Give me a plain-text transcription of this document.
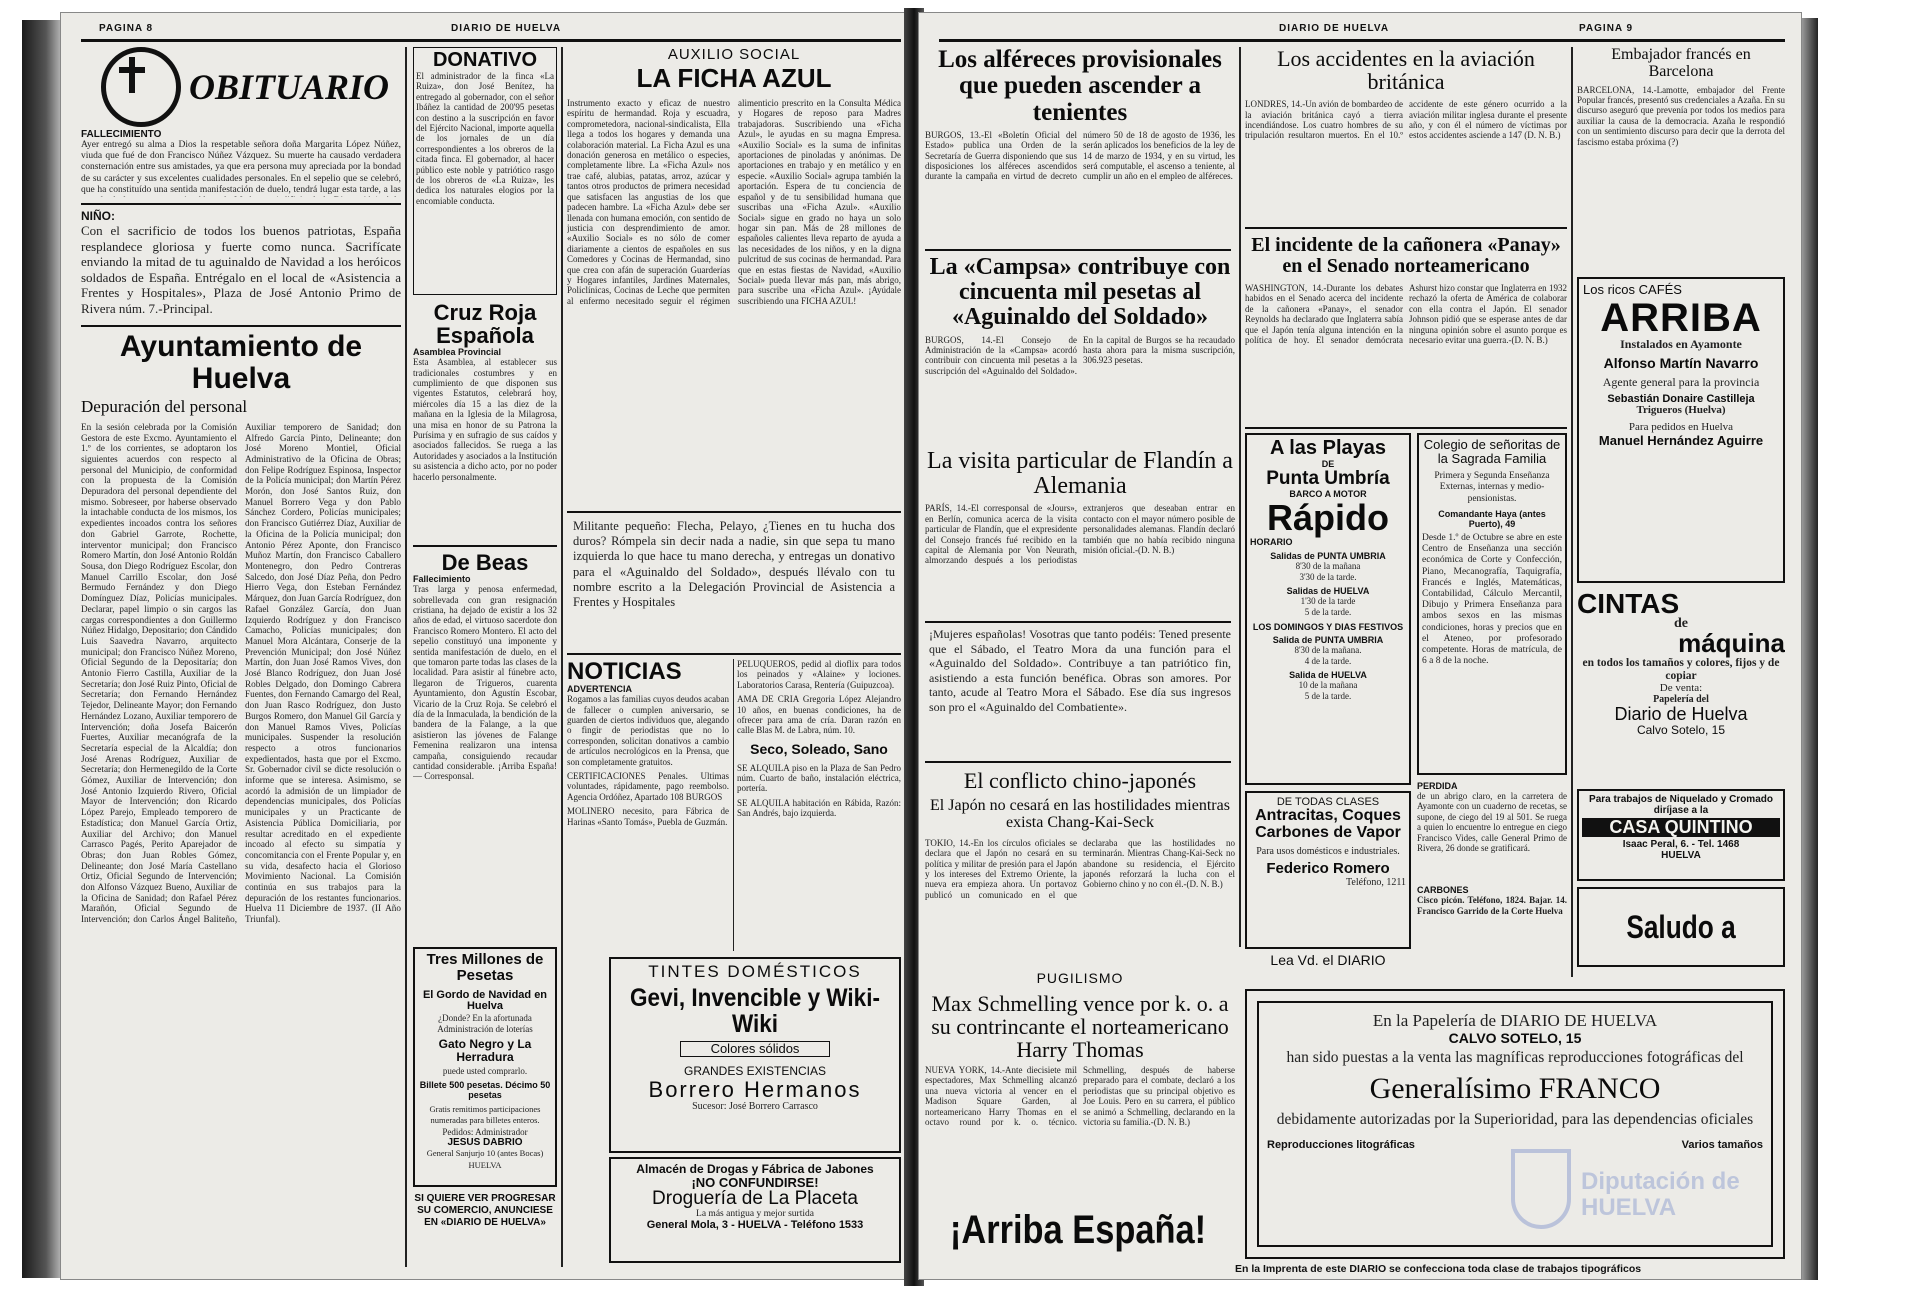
PAGINA 8	DIARIO DE HUELVA
OBITUARIO
FALLECIMIENTO
Ayer entregó su alma a Dios la respetable señora doña Margarita López Núñez, viuda que fué de don Francisco Núñez Vázquez. Su muerte ha causado verdadera consternación entre sus amistades, ya que era persona muy apreciada por la bondad de su carácter y sus excelentes cualidades personales. En el sepelio que se celebró, que ha constituído una sentida manifestación de duelo, tendrá lugar esta tarde, a las
NIÑO:
Con el sacrificio de todos los buenos patriotas, España resplandece gloriosa y fuerte como nunca. Sacrifícate enviando la mitad de tu aguinaldo de Navidad a los heróicos soldados de España. Entrégalo en el local de «Asistencia a Frentes y Hospitales», Plaza de José Antonio Primo de Rivera núm. 7.-Principal.
Ayuntamiento de Huelva
Depuración del personal
En la sesión celebrada por la Comisión Gestora de este Excmo. Ayuntamiento el 1.º de los corrientes, se adoptaron los siguientes acuerdos con respecto al personal del Municipio, de conformidad con la propuesta de la Comisión Depuradora del personal dependiente del mismo. Sobreseer, por haberse observado la intachable conducta de los mismos, los expedientes incoados contra los señores don Gabriel Garrote, Rochette, interventor municipal; don Francisco Romero Martín, don José Antonio Roldán Sousa, don Diego Rodríguez Escolar, don Manuel Carrillo Escolar, don José Bermudo Fernández y don Diego Domínguez Díaz, Policías municipales. Declarar, papel limpio o sin cargos las cargas correspondientes a don Guillermo Núñez Hidalgo, Depositario; don Cándido Luis Saavedra Navarro, arquitecto municipal; don Francisco Núñez Moreno, Oficial Segundo de la Depositaría; don Antonio Fierro Castilla, Auxiliar de la Secretaría; don José Ruiz Pinto, Oficial de Secretaría; don Fernando Hernández Tejedor, Delineante Mayor; don Fernando Hernández Lozano, Auxiliar temporero de Intervención; doña Josefa Baicerón Fuertes, Auxiliar mecanógrafa de la Secretaría especial de la Alcaldía; don José Arenas Rodríguez, Auxiliar de Secretaría; don Hermenegildo de la Corte Gómez, Auxiliar de Intervención; don José Antonio Izquierdo Rivero, Oficial Mayor de Intervención; don Ricardo López Parejo, Empleado temporero de Estadística; don Manuel García Ortiz, Auxiliar del Archivo; don Manuel Carrasco Pagés, Perito Aparejador de Obras; don Juan Robles Gómez, Delineante; don José María Castellano Ortiz, Oficial Segundo de Intervención; don Alfonso Vázquez Bueno, Auxiliar de la Oficina de Sanidad; don Rafael Pérez Marañón, Oficial Segundo de Intervención; don Carlos Ángel Baliteño, Auxiliar temporero de Sanidad; don Alfredo García Pinto, Delineante; don José Moreno Montiel, Oficial Administrativo de la Oficina de Obras; don Felipe Rodríguez Espinosa, Inspector de la Policía municipal; don Martín Pérez Morón, don José Santos Ruiz, don Manuel Borrero Vega y don Pablo Sánchez Cordero, Policías municipales; don Francisco Gutiérrez Díaz, Auxiliar de la Oficina de la Policía municipal; don Antonio Pérez Aponte, don Francisco Muñoz Martín, don Francisco Caballero Montenegro, don Pedro Contreras Salcedo, don José Díaz Peña, don Pedro Hierro Vega, don Esteban Fernández Márquez, don Juan García Rodríguez, don Rafael González García, don Juan Izquierdo Rodríguez y don Francisco Camacho, Policías municipales; don Manuel Mora Alcántara, Conserje de la Prevención Municipal; don José Núñez Martín, don Juan José Ramos Vives, don José Blanco Rodríguez, don Juan José Robles Delgado, don Domingo Cabrera Fuentes, don Fernando Camargo del Real, don Juan Rasco Rodríguez, don Justo Burgos Romero, don Manuel Gil García y don Manuel Ramos Vives, Policías municipales. Suspender la resolución respecto a otros funcionarios expedientados, hasta que por el Excmo. Sr. Gobernador civil se dicte resolución o informe que se interesa. Asimismo, se acordó la admisión de un limpiador de dependencias municipales, dos Policías municipales y un Practicante de Asistencia Pública Domiciliaria, por resultar acreditado en el expediente incoado al efecto su simpatía y concomitancia con el Frente Popular y, en su vida, desafecto hacia el Glorioso Movimiento Nacional. La Comisión continúa en sus trabajos para la depuración de los restantes funcionarios. Huelva 11 Diciembre de 1937. (II Año Triunfal).
DONATIVO
El administrador de la finca «La Ruiza», don José Benítez, ha entregado al gobernador, con el señor Ibáñez la cantidad de 200'95 pesetas con destino a la suscripción en favor del Ejército Nacional, importe aquella de los jornales de un día correspondientes a los obreros de la citada finca. El gobernador, al hacer público este noble y patriótico rasgo de los obreros de «La Ruiza», les dedica los naturales elogios por la encomiable conducta.
Cruz Roja Española
Asamblea Provincial
Esta Asamblea, al establecer sus tradicionales costumbres y en cumplimiento de que disponen sus vigentes Estatutos, celebrará hoy, miércoles día 15 a las diez de la mañana en la Iglesia de la Milagrosa, una misa en honor de su Patrona la Purísima y en sufragio de sus caídos y asociados fallecidos. Se ruega a las Autoridades y asociados a la Institución su asistencia a dicho acto, por no poder hacerlo personalmente.
De Beas
Fallecimiento
Tras larga y penosa enfermedad, sobrellevada con gran resignación cristiana, ha dejado de existir a los 32 años de edad, el virtuoso sacerdote don Francisco Romero Montero. El acto del sepelio constituyó una imponente y sentida manifestación de duelo, en el que tomaron parte todas las clases de la localidad. Para asistir al fúnebre acto, llegaron de Trigueros, cuarenta Ayuntamiento, don Agustín Escobar, Vicario de la Cruz Roja. Se celebró el día de la Inmaculada, la bendición de la bandera de la Falange, a la que asistieron las jóvenes de Falange Femenina realizaron una intensa campaña, consiguiendo recaudar cantidad considerable. ¡Arriba España! — Corresponsal.
Tres Millones de Pesetas
El Gordo de Navidad en Huelva
¿Donde? En la afortunada Administración de loterías
Gato Negro y La Herradura
puede usted comprarlo.
Billete 500 pesetas. Décimo 50 pesetas
Gratis remitimos participaciones numeradas para billetes enteros.
Pedidos: Administrador
JESUS DABRIO
General Sanjurjo 10 (antes Bocas) HUELVA
SI QUIERE VER PROGRESAR SU COMERCIO, ANUNCIESE EN «DIARIO DE HUELVA»
AUXILIO SOCIAL
LA FICHA AZUL
Instrumento exacto y eficaz de nuestro espíritu de hermandad. Roja y escuadra, comprometedora, nacional-sindicalista, Ella llega a todos los hogares y demanda una colaboración material. La Ficha Azul es una donación generosa en metálico o especies, completamente libre. La «Ficha Azul» nos trae café, alubias, patatas, arroz, azúcar y tantos otros productos de primera necesidad que satisfacen las angustias de los que padecen hambre. La «Ficha Azul» debe ser llenada con humana emoción, con sentido de justicia con desprendimiento de amor. «Auxilio Social» es no sólo de comer diariamente a cientos de españoles en sus Comedores y Cocinas de Hermandad, sino que crea con afán de superación Guarderías y Hogares infantiles, Jardines Maternales, Policlínicas, Cocinas de Leche que permiten al enfermo necesitado seguir el régimen alimenticio prescrito en la Consulta Médica y Hogares de reposo para Madres trabajadoras. Suscribiendo una «Ficha Azul», le ayudas en su magna Empresa. «Auxilio Social» es la suma de infinitas aportaciones de pinoladas y anónimas. De aportaciones en trabajo y en metálico y en especie. «Auxilio Social» agrupa también la aportación. Espera de tu conciencia de español y de tu sensibilidad humana que suscribas una «Ficha Azul». «Auxilio Social» sigue en grado no haya un solo hogar sin pan. Más de 28 millones de españoles calientes lleva reparto de ayuda a las necesidades de los niños, y en la digna pulcritud de sus cocinas de hermandad. Para que en estas fiestas de Navidad, «Auxilio Social» pueda llevar más pan, más abrigo, para suscribe una «Ficha Azul». ¡Ayúdale suscribiendo una FICHA AZUL!
Militante pequeño: Flecha, Pelayo, ¿Tienes en tu hucha dos duros? Rómpela sin decir nada a nadie, sin que sepa tu mano izquierda lo que hace tu mano derecha, y entregas un donativo para el «Aguinaldo del Soldado», después llévalo con tu nombre escrito a la Delegación Provincial de Asistencia a Frentes y Hospitales
NOTICIAS
ADVERTENCIA
Rogamos a las familias cuyos deudos acaban de fallecer o cumplen aniversario, se guarden de ciertos individuos que, alegando o fingir de periodistas que no lo corresponden, solicitan donativos a cambio de artículos necrológicos en la Prensa, que son completamente gratuitos.
CERTIFICACIONES Penales. Ultimas voluntades, rápidamente, pago reembolso. Agencia Ordóñez, Apartado 108 BURGOS
MOLINERO necesito, para Fábrica de Harinas «Santo Tomás», Puebla de Guzmán.
PELUQUEROS, pedid al dioflix para todos los peinados y «Alaine» y lociones. Laboratorios Carasa, Rentería (Guipuzcoa).
AMA DE CRIA Gregoria López Alejandro 10 años, en buenas condiciones, ha de ofrecer para ama de cría. Daran razón en calle Blas M. de Labra, núm. 10.
Seco, Soleado, Sano
SE ALQUILA piso en la Plaza de San Pedro núm. Cuarto de baño, instalación eléctrica, portería.
SE ALQUILA habitación en Rábida, Razón: San Andrés, bajo izquierda.
TINTES DOMÉSTICOS
Gevi, Invencible y Wiki-Wiki
Colores sólidos
GRANDES EXISTENCIAS
Borrero Hermanos
Sucesor: José Borrero Carrasco
Almacén de Drogas y Fábrica de Jabones
¡NO CONFUNDIRSE!
Droguería de La Placeta
La más antigua y mejor surtida
General Mola, 3 - HUELVA - Teléfono 1533
DIARIO DE HUELVA	PAGINA 9
Los alféreces provisionales que pueden ascender a tenientes
BURGOS, 13.-El «Boletín Oficial del Estado» publica una Orden de la Secretaría de Guerra disponiendo que sus disposiciones los alféreces ascendidos durante la campaña en virtud de decreto número 50 de 18 de agosto de 1936, les serán aplicados los beneficios de la ley de 14 de marzo de 1934, y en su virtud, les será computable, el ascenso a teniente, al cumplir un año en el empleo de alféreces.
La «Campsa» contribuye con cincuenta mil pesetas al «Aguinaldo del Soldado»
BURGOS, 14.-El Consejo de Administración de la «Campsa» acordó contribuir con cincuenta mil pesetas a la suscripción del «Aguinaldo del Soldado». En la capital de Burgos se ha recaudado hasta ahora para la misma suscripción, 306.923 pesetas.
La visita particular de Flandín a Alemania
PARÍS, 14.-El corresponsal de «Jours», en Berlín, comunica acerca de la visita particular de Flandín, que el expresidente del Consejo francés fué recibido en la capital de Alemania por Von Neurath, almorzando después a los periodistas extranjeros que deseaban entrar en contacto con el mayor número posible de personalidades alemanas. Flandín declaró también que no había recibido ninguna misión oficial.-(D. N. B.)
¡Mujeres españolas! Vosotras que tanto podéis: Tened presente que el Sábado, el Teatro Mora da una función para el «Aguinaldo del Soldado». Contribuye a tan patriótico fin, asistiendo a esta función benéfica. Obras son amores. Por tanto, acude al Teatro Mora el Sábado. Ese día sus ingresos son pro el «Aguinaldo del Combatiente».
El conflicto chino-japonés
El Japón no cesará en las hostilidades mientras exista Chang-Kai-Seck
TOKIO, 14.-En los círculos oficiales se declara que el Japón no cesará en su política y militar de presión para el Japón y los intereses del Extremo Oriente, la nueva era empieza ahora. Un portavoz publicó un comunicado en el que declaraba que las hostilidades no terminarán. Mientras Chang-Kai-Seck no abandone su residencia, el Ejército japonés reforzará la lucha con el Gobierno chino y no con él.-(D. N. B.)
PUGILISMO
Max Schmelling vence por k. o. a su contrincante el norteamericano Harry Thomas
NUEVA YORK, 14.-Ante diecisiete mil espectadores, Max Schmelling alcanzó una nueva victoria al vencer en el Madison Square Garden, al norteamericano Harry Thomas en el octavo round por k. o. técnico. Schmelling, después de haberse preparado para el combate, declaró a los periodistas que su principal objetivo es Joe Louis. Pero en su carrera, el público se animó a Schmelling, declarando en la victoria su familia.-(D. N. B.)
¡Arriba España!
Los accidentes en la aviación británica
LONDRES, 14.-Un avión de bombardeo de la aviación británica cayó a tierra incendiándose. Los cuatro hombres de su tripulación resultaron muertos. En el 10.º accidente de este género ocurrido a la aviación militar inglesa durante el presente año, y con él el número de víctimas por estos accidentes asciende a 147 (D. N. B.)
El incidente de la cañonera «Panay» en el Senado norteamericano
WASHINGTON, 14.-Durante los debates habidos en el Senado acerca del incidente de la cañonera «Panay», el senador Reynolds ha declarado que Inglaterra sabía que el Japón tenía alguna intención en la política de hoy. El senador demócrata Ashurst hizo constar que Inglaterra en 1932 rechazó la oferta de América de colaborar con ella contra el Japón. El senador Johnson pidió que se esperase antes de dar ninguna opinión sobre el asunto porque es necesario evitar una guerra.-(D. N. B.)
A las Playas
DE
Punta Umbría
BARCO A MOTOR
Rápido
HORARIO
Salidas de PUNTA UMBRIA
8'30 de la mañana
3'30 de la tarde.
Salidas de HUELVA
1'30 de la tarde
5 de la tarde.
LOS DOMINGOS Y DIAS FESTIVOS
Salida de PUNTA UMBRIA
8'30 de la mañana.
4 de la tarde.
Salida de HUELVA
10 de la mañana
5 de la tarde.
Colegio de señoritas de la Sagrada Familia
Primera y Segunda Enseñanza Externas, internas y medio-pensionistas.
Comandante Haya (antes Puerto), 49
Desde 1.º de Octubre se abre en este Centro de Enseñanza una sección económica de Corte y Confección, Piano, Mecanografía, Taquigrafía, Francés e Inglés, Matemáticas, Contabilidad, Cálculo Mercantil, Dibujo y Primera Enseñanza para ambos sexos en las mismas condiciones, horas y precios que en el Ateneo, por profesorado competente. Horas de matrícula, de 6 a 8 de la noche.
DE TODAS CLASES
Antracitas, Coques
Carbones de Vapor
Para usos domésticos e industriales.
Federico Romero
Teléfono, 1211
Lea Vd. el DIARIO
PERDIDA
de un abrigo claro, en la carretera de Ayamonte con un cuaderno de recetas, se supone, de ciego del 19 al 501. Se ruega a quien lo encuentre lo entregue en ciego Francisco Vides, calle General Primo de Rivera, 26 donde se gratificará.
CARBONES
Cisco picón. Teléfono, 1824. Bajar. 14. Francisco Garrido de la Corte Huelva
Embajador francés en Barcelona
BARCELONA, 14.-Lamotte, embajador del Frente Popular francés, presentó sus credenciales a Azaña. En su discurso aseguró que prevenía por todos los medios para auxiliar la causa de la democracia. Azaña le respondió con un sentimiento discurso para decir que la derrota del fascismo estaba próxima (?)
Los ricos CAFÉS
ARRIBA
Instalados en Ayamonte
Alfonso Martín Navarro
Agente general para la provincia
Sebastián Donaire Castilleja
Trigueros (Huelva)
Para pedidos en Huelva
Manuel Hernández Aguirre
CINTAS
de
máquina
en todos los tamaños y colores, fijos y de copiar
De venta:
Papelería del
Diario de Huelva
Calvo Sotelo, 15
Para trabajos de Niquelado y Cromado diríjase a la
CASA QUINTINO
Isaac Peral, 6. - Tel. 1468
HUELVA
Saludo a
En la Papelería de DIARIO DE HUELVA
CALVO SOTELO, 15
han sido puestas a la venta las magníficas reproducciones fotográficas del
Generalísimo FRANCO
debidamente autorizadas por la Superioridad, para las dependencias oficiales
Reproducciones litográficas	Varios tamaños
En la Imprenta de este DIARIO se confecciona toda clase de trabajos tipográficos
Diputación de HUELVA
